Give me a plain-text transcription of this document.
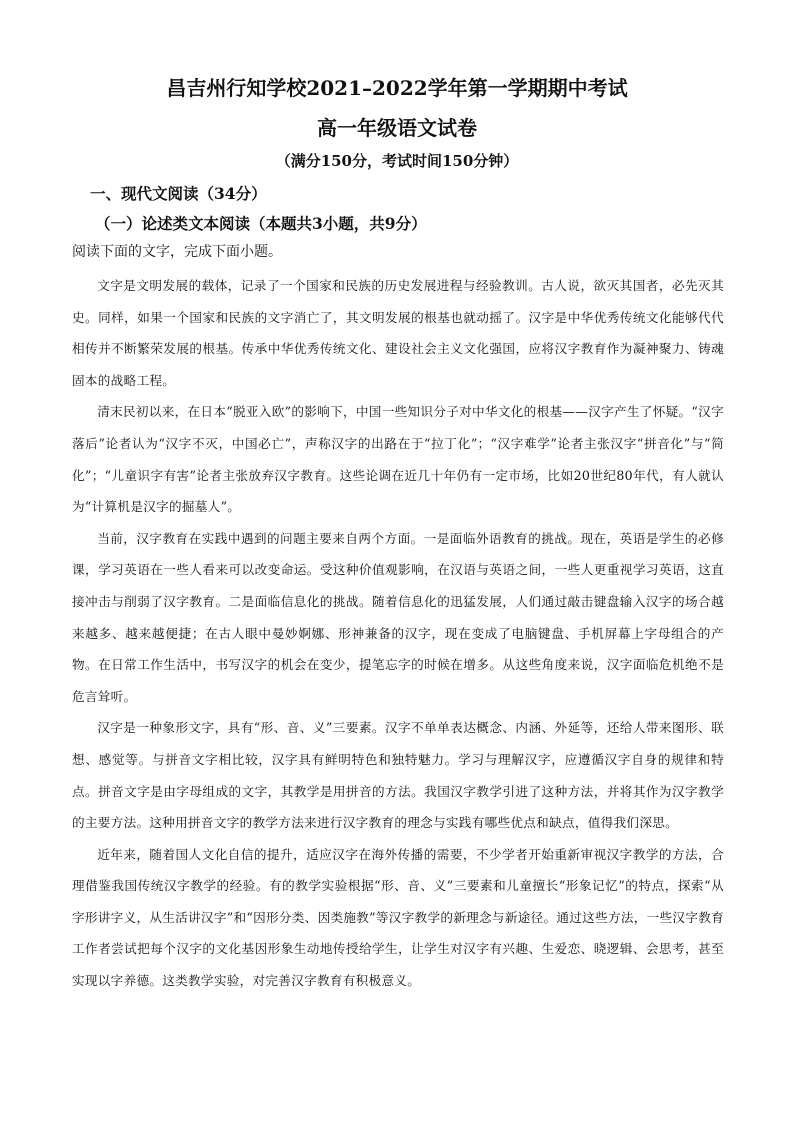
昌吉州行知学校2021–2022学年第一学期期中考试
高一年级语文试卷
（满分150分，考试时间150分钟）
一、现代文阅读（34分）
（一）论述类文本阅读（本题共3小题，共9分）
阅读下面的文字，完成下面小题。

文字是文明发展的载体，记录了一个国家和民族的历史发展进程与经验教训。古人说，欲灭其国者，必先灭其史。同样，如果一个国家和民族的文字消亡了，其文明发展的根基也就动摇了。汉字是中华优秀传统文化能够代代相传并不断繁荣发展的根基。传承中华优秀传统文化、建设社会主义文化强国，应将汉字教育作为凝神聚力、铸魂固本的战略工程。

清末民初以来，在日本“脱亚入欧”的影响下，中国一些知识分子对中华文化的根基——汉字产生了怀疑。“汉字落后”论者认为“汉字不灭，中国必亡”，声称汉字的出路在于“拉丁化”；“汉字难学”论者主张汉字“拼音化”与“简化”；“儿童识字有害”论者主张放弃汉字教育。这些论调在近几十年仍有一定市场，比如20世纪80年代，有人就认为“计算机是汉字的掘墓人”。

当前，汉字教育在实践中遇到的问题主要来自两个方面。一是面临外语教育的挑战。现在，英语是学生的必修课，学习英语在一些人看来可以改变命运。受这种价值观影响，在汉语与英语之间，一些人更重视学习英语，这直接冲击与削弱了汉字教育。二是面临信息化的挑战。随着信息化的迅猛发展，人们通过敲击键盘输入汉字的场合越来越多、越来越便捷；在古人眼中曼妙婀娜、形神兼备的汉字，现在变成了电脑键盘、手机屏幕上字母组合的产物。在日常工作生活中，书写汉字的机会在变少，提笔忘字的时候在增多。从这些角度来说，汉字面临危机绝不是危言耸听。

汉字是一种象形文字，具有“形、音、义”三要素。汉字不单单表达概念、内涵、外延等，还给人带来图形、联想、感觉等。与拼音文字相比较，汉字具有鲜明特色和独特魅力。学习与理解汉字，应遵循汉字自身的规律和特点。拼音文字是由字母组成的文字，其教学是用拼音的方法。我国汉字教学引进了这种方法，并将其作为汉字教学的主要方法。这种用拼音文字的教学方法来进行汉字教育的理念与实践有哪些优点和缺点，值得我们深思。

近年来，随着国人文化自信的提升，适应汉字在海外传播的需要，不少学者开始重新审视汉字教学的方法，合理借鉴我国传统汉字教学的经验。有的教学实验根据“形、音、义”三要素和儿童擅长“形象记忆”的特点，探索“从字形讲字义，从生活讲汉字”和“因形分类、因类施教”等汉字教学的新理念与新途径。通过这些方法，一些汉字教育工作者尝试把每个汉字的文化基因形象生动地传授给学生，让学生对汉字有兴趣、生爱恋、晓逻辑、会思考，甚至实现以字养德。这类教学实验，对完善汉字教育有积极意义。
